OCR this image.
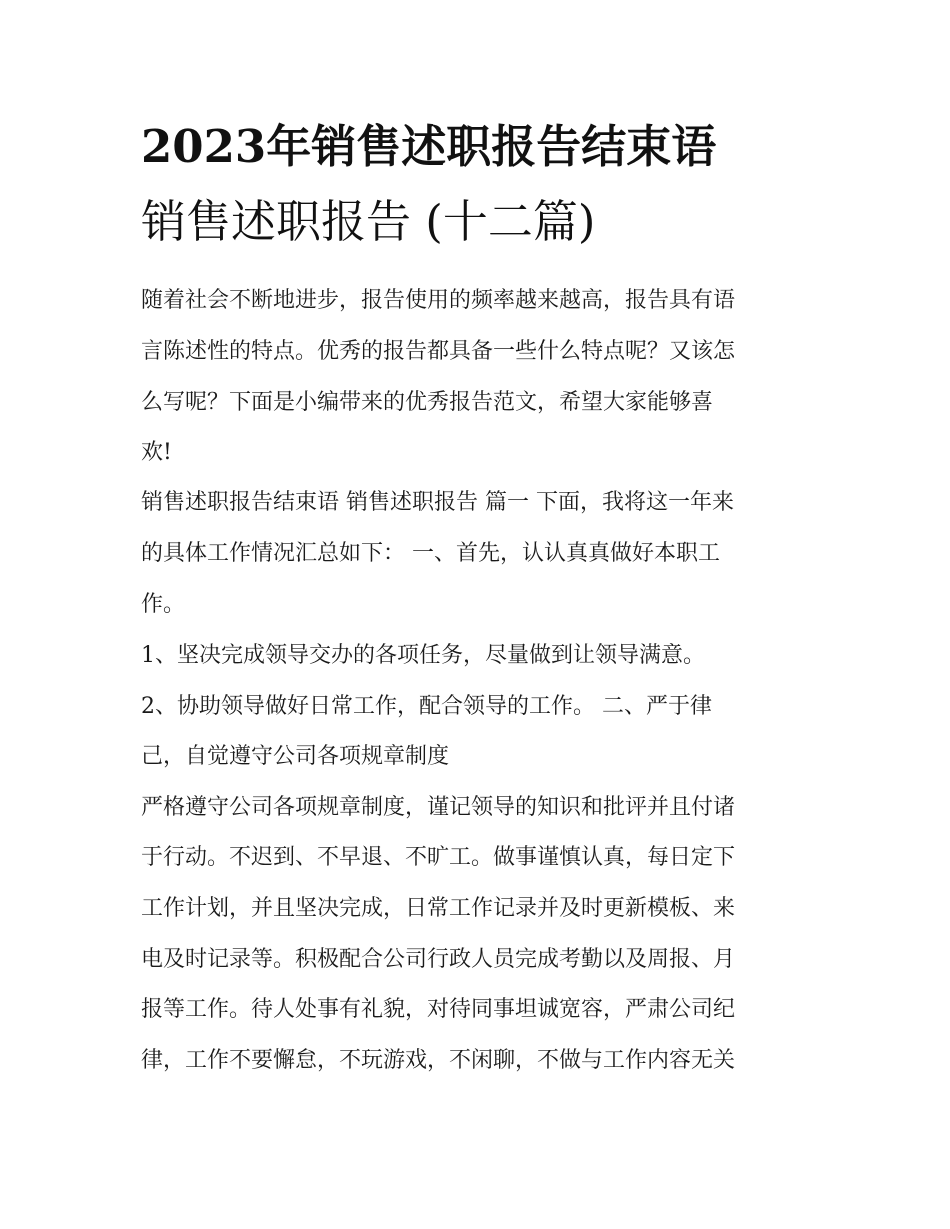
2023年销售述职报告结束语
销售述职报告 (十二篇)

随着社会不断地进步，报告使用的频率越来越高，报告具有语

言陈述性的特点。优秀的报告都具备一些什么特点呢？又该怎

么写呢？下面是小编带来的优秀报告范文，希望大家能够喜

欢!

销售述职报告结束语 销售述职报告 篇一 下面，我将这一年来

的具体工作情况汇总如下： 一、首先，认认真真做好本职工

作。

1、坚决完成领导交办的各项任务，尽量做到让领导满意。

2、协助领导做好日常工作，配合领导的工作。 二、严于律

己，自觉遵守公司各项规章制度

严格遵守公司各项规章制度，谨记领导的知识和批评并且付诸

于行动。不迟到、不早退、不旷工。做事谨慎认真，每日定下

工作计划，并且坚决完成，日常工作记录并及时更新模板、来

电及时记录等。积极配合公司行政人员完成考勤以及周报、月

报等工作。待人处事有礼貌，对待同事坦诚宽容，严肃公司纪

律，工作不要懈怠，不玩游戏，不闲聊，不做与工作内容无关
